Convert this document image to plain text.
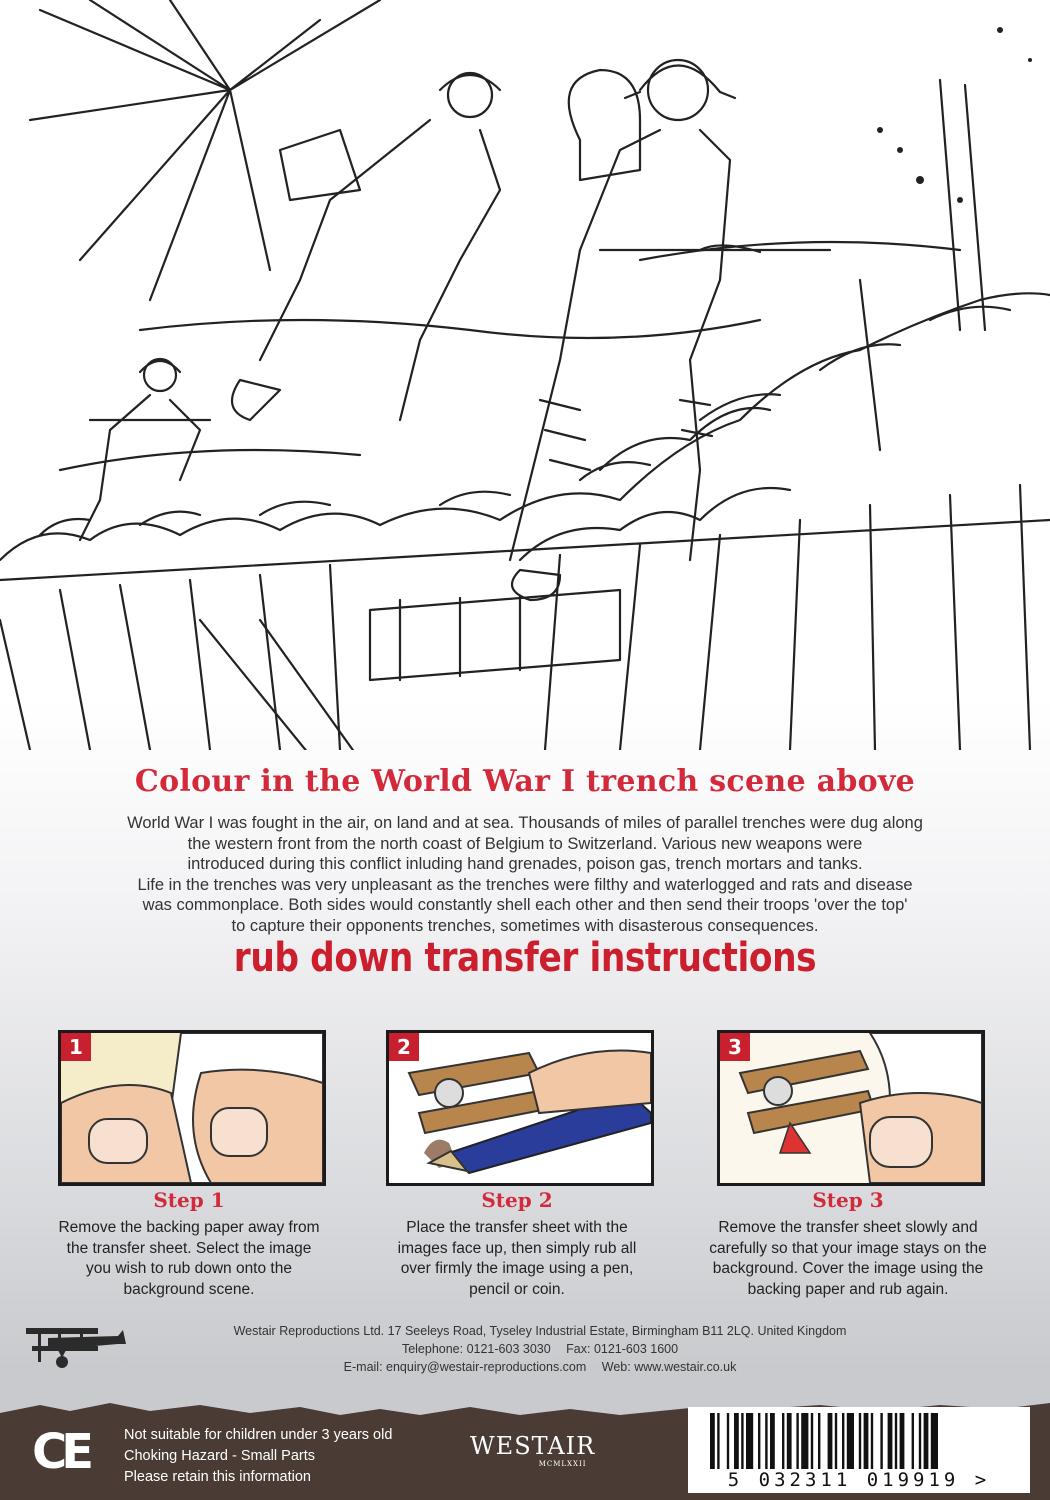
Colour in the World War I trench scene above

World War I was fought in the air, on land and at sea. Thousands of miles of parallel trenches were dug along

the western front from the north coast of Belgium to Switzerland. Various new weapons were

introduced during this conflict inluding hand grenades, poison gas, trench mortars and tanks.

Life in the trenches was very unpleasant as the trenches were filthy and waterlogged and rats and disease

was commonplace. Both sides would constantly shell each other and then send their troops 'over the top'

to capture their opponents trenches, sometimes with disasterous consequences.

rub down transfer instructions
1
Step 1
Remove the backing paper away from
the transfer sheet. Select the image
you wish to rub down onto the
background scene.
2
Step 2
Place the transfer sheet with the
images face up, then simply rub all
over firmly the image using a pen,
pencil or coin.
3
Step 3
Remove the transfer sheet slowly and
carefully so that your image stays on the
background. Cover the image using the
backing paper and rub again.
Westair Reproductions Ltd. 17 Seeleys Road, Tyseley Industrial Estate, Birmingham B11 2LQ. United Kingdom
Telephone: 0121-603 3030 Fax: 0121-603 1600
E-mail: enquiry@westair-reproductions.com Web: www.westair.co.uk
CE Not suitable for children under 3 years old
Choking Hazard - Small Parts
Please retain this information
WESTAIR
MCMLXXII
5 032311 019919 >
